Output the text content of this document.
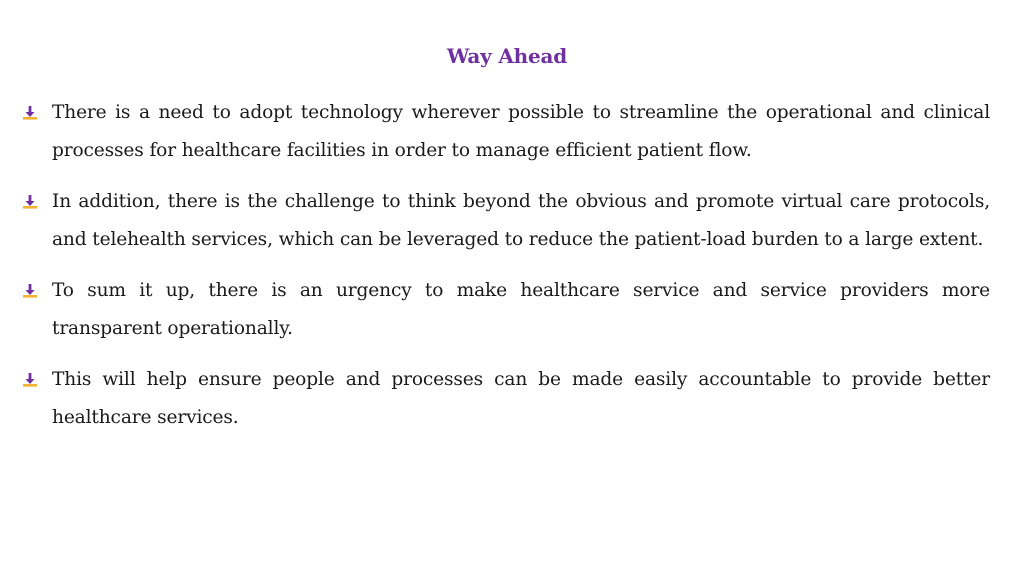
Way Ahead
There is a need to adopt technology wherever possible to streamline the operational and clinical processes for healthcare facilities in order to manage efficient patient flow.
In addition, there is the challenge to think beyond the obvious and promote virtual care protocols, and telehealth services, which can be leveraged to reduce the patient-load burden to a large extent.
To sum it up, there is an urgency to make healthcare service and service providers more transparent operationally.
This will help ensure people and processes can be made easily accountable to provide better healthcare services.
